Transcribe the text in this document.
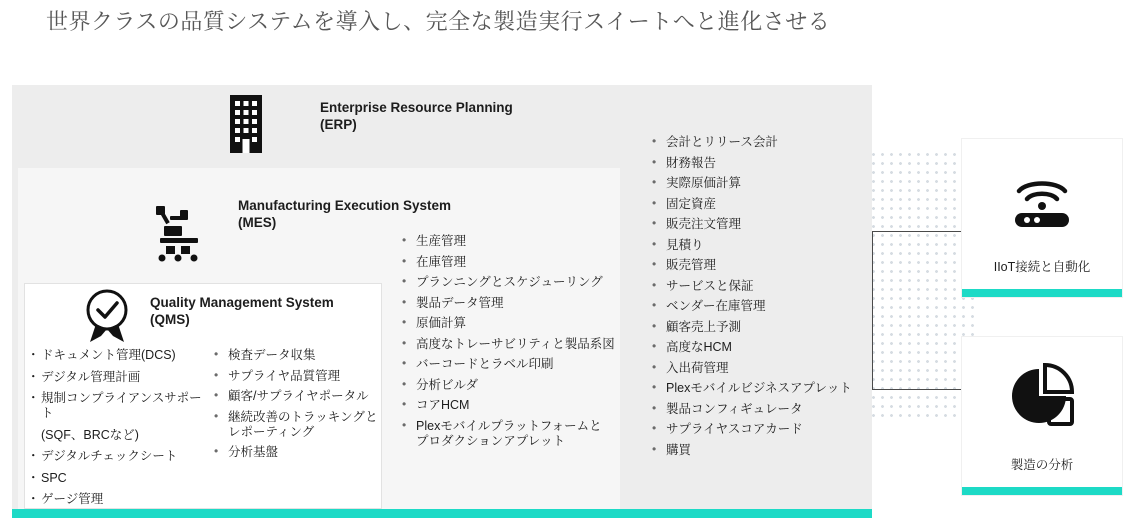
世界クラスの品質システムを導入し、完全な製造実行スイートへと進化させる
Enterprise Resource Planning
(ERP)
Manufacturing Execution System
(MES)
Quality Management System
(QMS)
• 会計とリリース会計
• 財務報告
• 実際原価計算
• 固定資産
• 販売注文管理
• 見積り
• 販売管理
• サービスと保証
• ベンダー在庫管理
• 顧客売上予測
• 高度なHCM
• 入出荷管理
• Plexモバイルビジネスアプレット
• 製品コンフィギュレータ
• サプライヤスコアカード
• 購買
• 生産管理
• 在庫管理
• プランニングとスケジューリング
• 製品データ管理
• 原価計算
• 高度なトレーサビリティと製品系図
• バーコードとラベル印刷
• 分析ビルダ
• コアHCM
• Plexモバイルプラットフォームと
プロダクションアプレット
・ ドキュメント管理(DCS)
・ デジタル管理計画
・ 規制コンプライアンスサポート
(SQF、BRCなど)
・ デジタルチェックシート
・ SPC
・ ゲージ管理
• 検査データ収集
• サプライヤ品質管理
• 顧客/サプライヤポータル
• 継続改善のトラッキングと
レポーティング
• 分析基盤
IIoT接続と自動化
製造の分析
